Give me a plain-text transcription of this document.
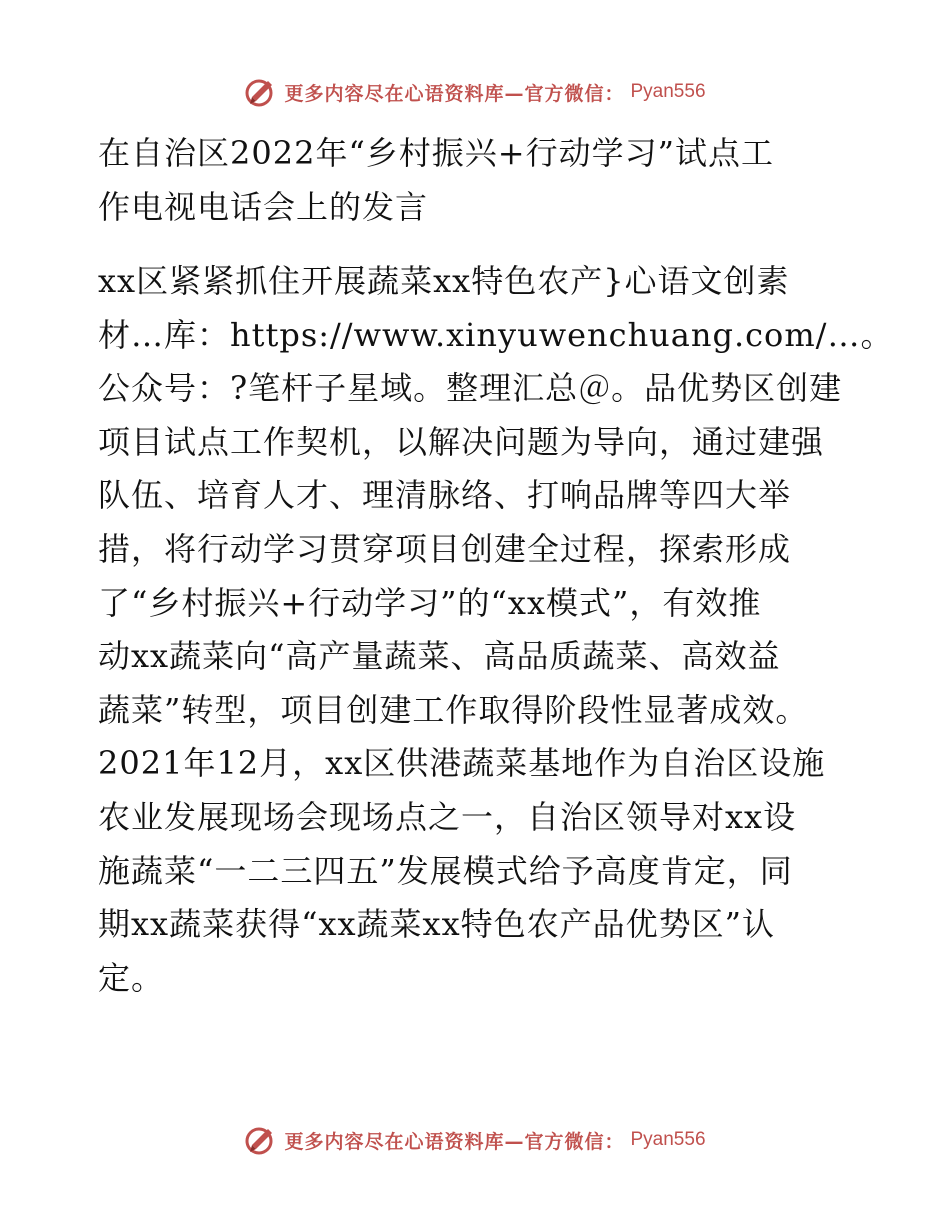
更多内容尽在心语资料库—官方微信： Pyan556
在自治区2022年“乡村振兴+行动学习”试点工
作电视电话会上的发言
xx区紧紧抓住开展蔬菜xx特色农产}心语文创素
材…库：https://www.xinyuwenchuang.com/…。
公众号：?笔杆子星域。整理汇总＠。品优势区创建
项目试点工作契机，以解决问题为导向，通过建强
队伍、培育人才、理清脉络、打响品牌等四大举
措，将行动学习贯穿项目创建全过程，探索形成
了“乡村振兴+行动学习”的“xx模式”，有效推
动xx蔬菜向“高产量蔬菜、高品质蔬菜、高效益
蔬菜”转型，项目创建工作取得阶段性显著成效。
2021年12月，xx区供港蔬菜基地作为自治区设施
农业发展现场会现场点之一，自治区领导对xx设
施蔬菜“一二三四五”发展模式给予高度肯定，同
期xx蔬菜获得“xx蔬菜xx特色农产品优势区”认
定。
更多内容尽在心语资料库—官方微信： Pyan556
